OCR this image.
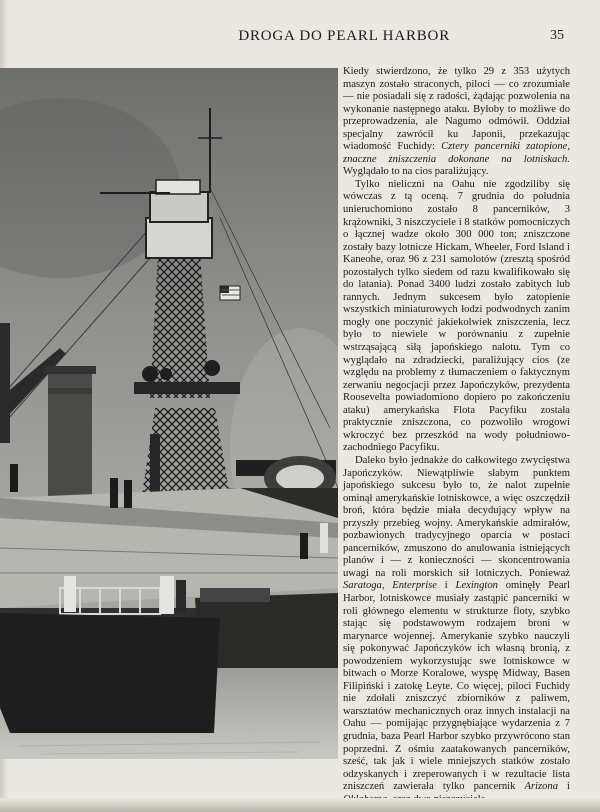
DROGA DO PEARL HARBOR	35

Kiedy stwierdzono, że tylko 29 z 353 użytych maszyn zostało straconych, piloci — co zrozumiałe — nie posiadali się z radości, żądając pozwolenia na wykonanie następnego ataku. Byłoby to możliwe do przeprowadzenia, ale Nagumo odmówił. Oddział specjalny zawrócił ku Japonii, przekazując wiadomość Fuchidy: Cztery pancerniki zatopione, znaczne zniszczenia dokonane na lotniskach. Wyglądało to na cios paraliżujący.

Tylko nieliczni na Oahu nie zgodziliby się wówczas z tą oceną. 7 grudnia do południa unieruchomiono zostało 8 pancerników, 3 krążowniki, 3 niszczyciele i 8 statków pomocniczych o łącznej wadze około 300 000 ton; zniszczone zostały bazy lotnicze Hickam, Wheeler, Ford Island i Kaneohe, oraz 96 z 231 samolotów (zresztą spośród pozostałych tylko siedem od razu kwalifikowało się do latania). Ponad 3400 ludzi zostało zabitych lub rannych. Jednym sukcesem było zatopienie wszystkich miniaturowych łodzi podwodnych zanim mogły one poczynić jakiekolwiek zniszczenia, lecz było to niewiele w porównaniu z zupełnie wstrząsającą siłą japońskiego nalotu. Tym co wyglądało na zdradziecki, paraliżujący cios (ze względu na problemy z tłumaczeniem o faktycznym zerwaniu negocjacji przez Japończyków, prezydenta Roosevelta powiadomiono dopiero po zakończeniu ataku) amerykańska Flota Pacyfiku została praktycznie zniszczona, co pozwoliło wrogowi wkroczyć bez przeszkód na wody południowo-zachodniego Pacyfiku.

Daleko było jednakże do całkowitego zwycięstwa Japończyków. Niewątpliwie słabym punktem japońskiego sukcesu było to, że nalot zupełnie ominął amerykańskie lotniskowce, a więc oszczędził broń, która będzie miała decydujący wpływ na przyszły przebieg wojny. Amerykańskie admirałów, pozbawionych tradycyjnego oparcia w postaci pancerników, zmuszono do anulowania istniejących planów i — z konieczności — skoncentrowania uwagi na roli morskich sił lotniczych. Ponieważ Saratoga, Enterprise i Lexington ominęły Pearl Harbor, lotniskowce musiały zastąpić pancerniki w roli głównego elementu w strukturze floty, szybko stając się podstawowym rodzajem broni w marynarce wojennej. Amerykanie szybko nauczyli się pokonywać Japończyków ich własną bronią, z powodzeniem wykorzystując swe lotniskowce w bitwach o Morze Koralowe, wyspę Midway, Basen Filipiński i zatokę Leyte. Co więcej, piloci Fuchidy nie zdołali zniszczyć zbiorników z paliwem, warsztatów mechanicznych oraz innych instalacji na Oahu — pomijając przygnębiające wydarzenia z 7 grudnia, baza Pearl Harbor szybko przywrócono stan poprzedni. Z ośmiu zaatakowanych pancerników, sześć, tak jak i wiele mniejszych statków zostało odzyskanych i zreperowanych i w rezultacie lista zniszczeń zawierała tylko pancernik Arizona i
